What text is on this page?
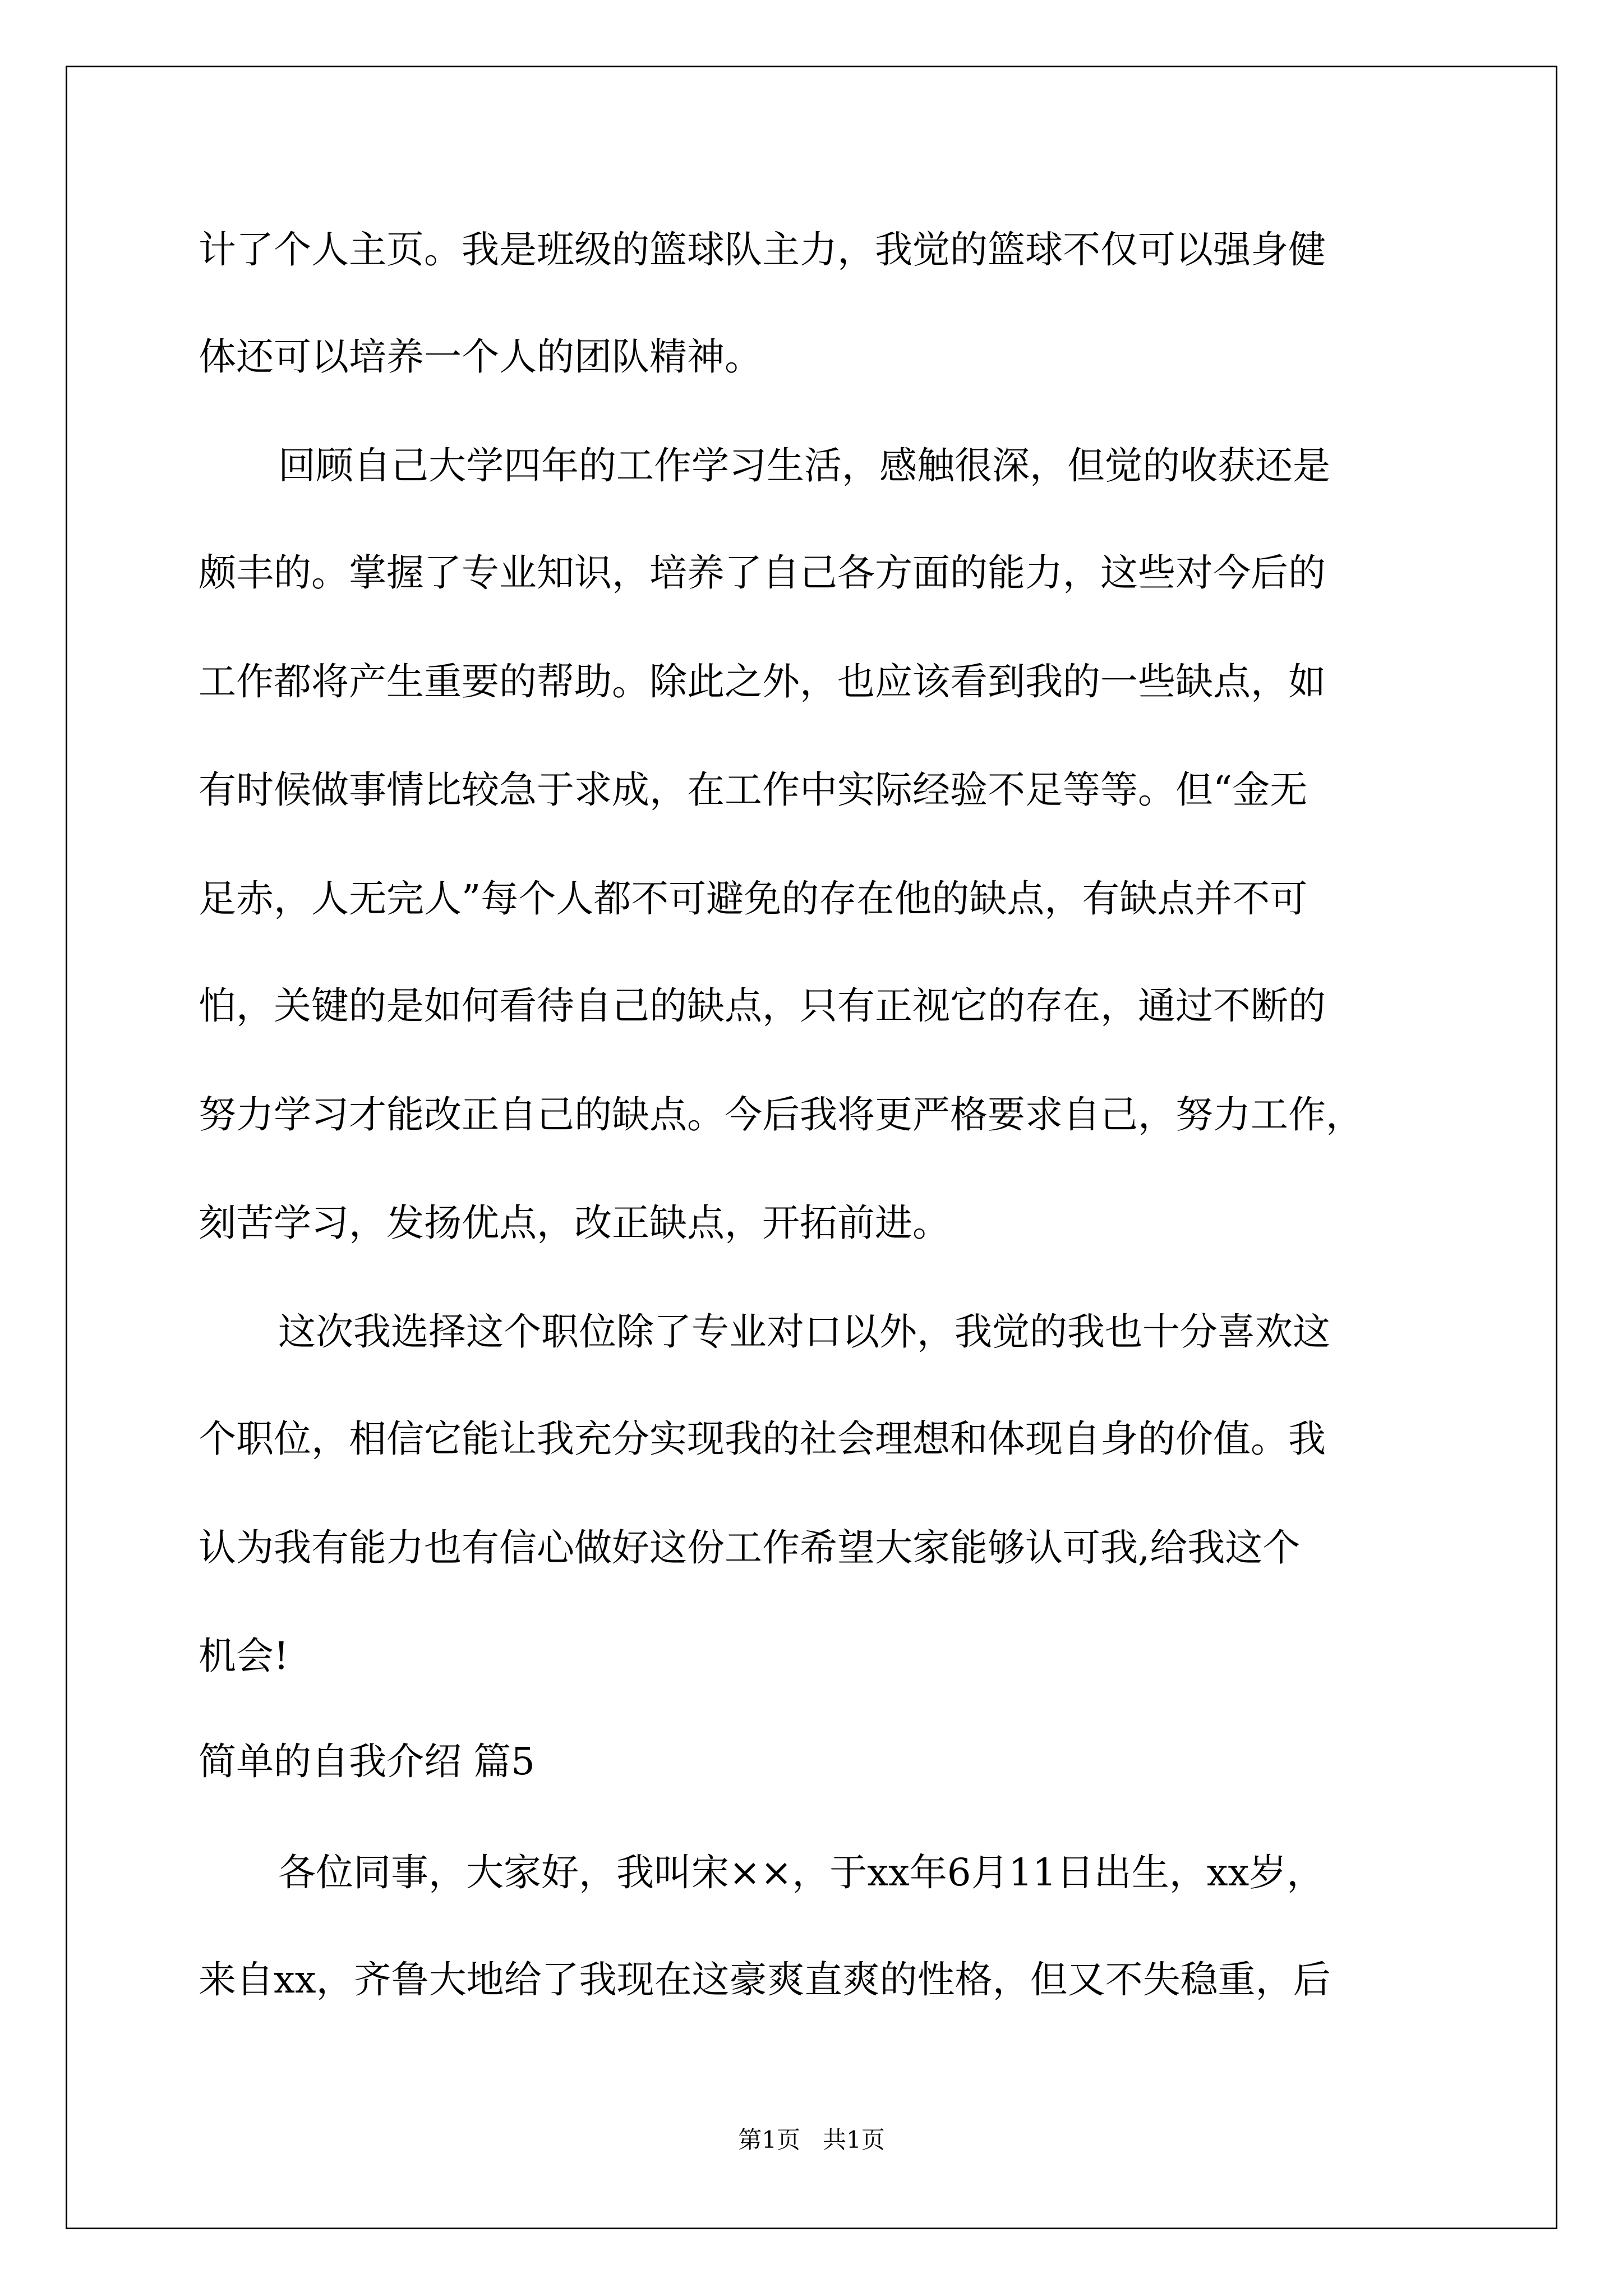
计了个人主页。我是班级的篮球队主力，我觉的篮球不仅可以强身健
体还可以培养一个人的团队精神。
回顾自己大学四年的工作学习生活，感触很深，但觉的收获还是
颇丰的。掌握了专业知识，培养了自己各方面的能力，这些对今后的
工作都将产生重要的帮助。除此之外，也应该看到我的一些缺点，如
有时候做事情比较急于求成，在工作中实际经验不足等等。但“金无
足赤，人无完人”每个人都不可避免的存在他的缺点，有缺点并不可
怕，关键的是如何看待自己的缺点，只有正视它的存在，通过不断的
努力学习才能改正自己的缺点。今后我将更严格要求自己，努力工作，
刻苦学习，发扬优点，改正缺点，开拓前进。
这次我选择这个职位除了专业对口以外，我觉的我也十分喜欢这
个职位，相信它能让我充分实现我的社会理想和体现自身的价值。我
认为我有能力也有信心做好这份工作希望大家能够认可我,给我这个
机会!
简单的自我介绍 篇5
各位同事，大家好，我叫宋××，于xx年6月11日出生，xx岁，
来自xx，齐鲁大地给了我现在这豪爽直爽的性格，但又不失稳重，后
第1页   共1页
